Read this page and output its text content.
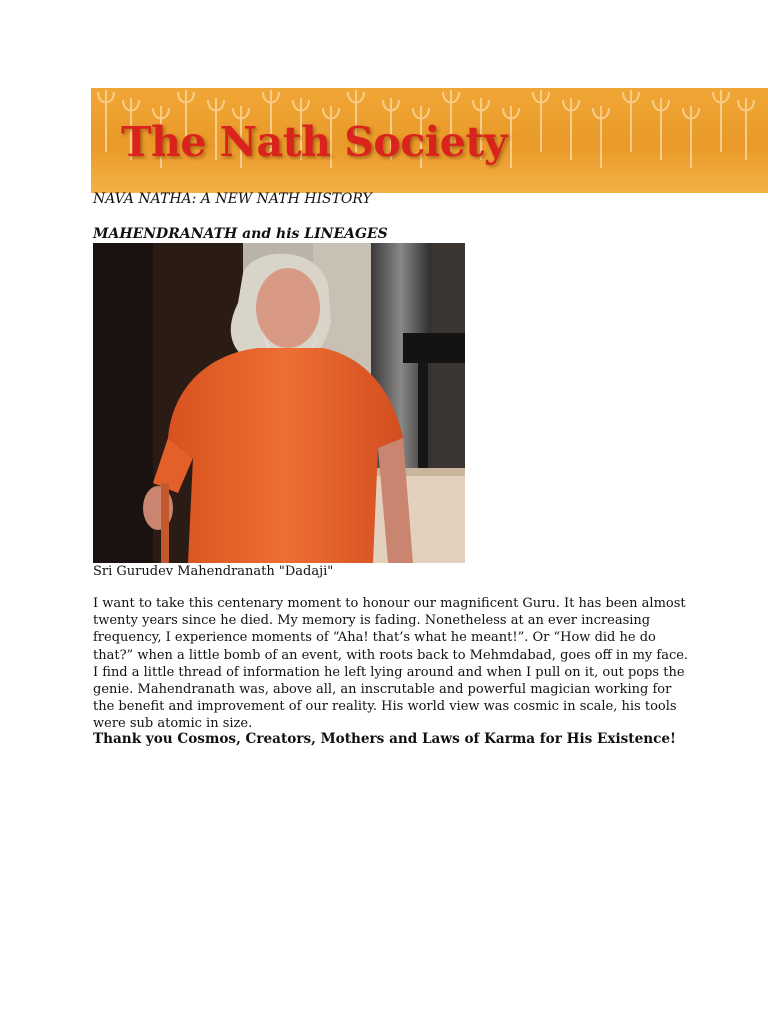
The Nath Society
NAVA NATHA: A NEW NATH HISTORY
MAHENDRANATH and his LINEAGES
Sri Gurudev Mahendranath "Dadaji"
I want to take this centenary moment to honour our magnificent Guru. It has been almost twenty years since he died. My memory is fading. Nonetheless at an ever increasing frequency, I experience moments of “Aha! that’s what he meant!”. Or “How did he do that?” when a little bomb of an event, with roots back to Mehmdabad, goes off in my face. I find a little thread of information he left lying around and when I pull on it, out pops the genie. Mahendranath was, above all, an inscrutable and powerful magician working for the benefit and improvement of our reality. His world view was cosmic in scale, his tools were sub atomic in size.
Thank you Cosmos, Creators, Mothers and Laws of Karma for His Existence!
